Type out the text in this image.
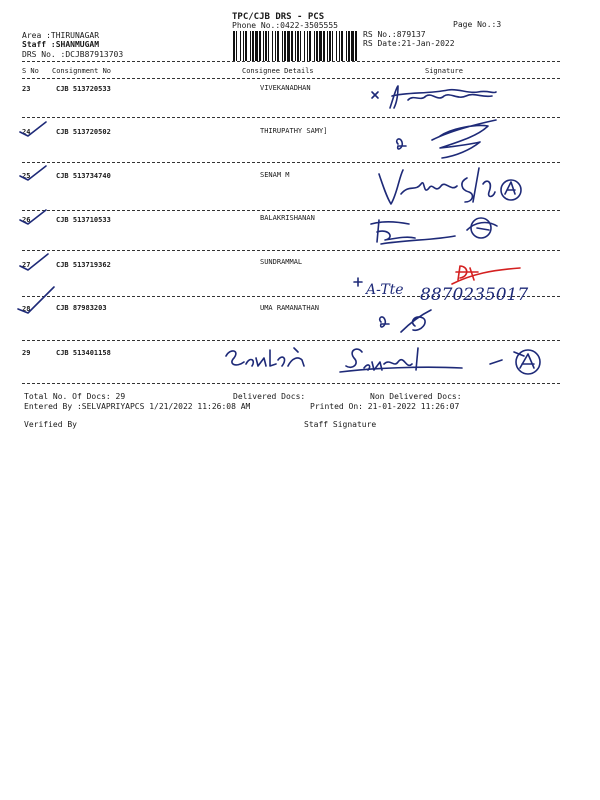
TPC/CJB DRS - PCS
Phone No.:0422-3505555	Page No.:3
RS No.:879137
RS Date:21-Jan-2022
Area :THIRUNAGAR
Staff :SHANMUGAM
DRS No. :DCJB87913703
S No Consignment No	Consignee Details	Signature
23	CJB 513720533	VIVEKANADHAN
24	CJB 513720502	THIRUPATHY SAMY]
25	CJB 513734740	SENAM M
26	CJB 513710533	BALAKRISHANAN
27	CJB 513719362	SUNDRAMMAL
28	CJB 87983203	UMA RAMANATHAN
29	CJB 513401158
A-Tte 8870235017
Total No. Of Docs: 29	Delivered Docs:	Non Delivered Docs:
Entered By :SELVAPRIYAPCS 1/21/2022 11:26:08 AM	Printed On: 21-01-2022 11:26:07
Verified By	Staff Signature
